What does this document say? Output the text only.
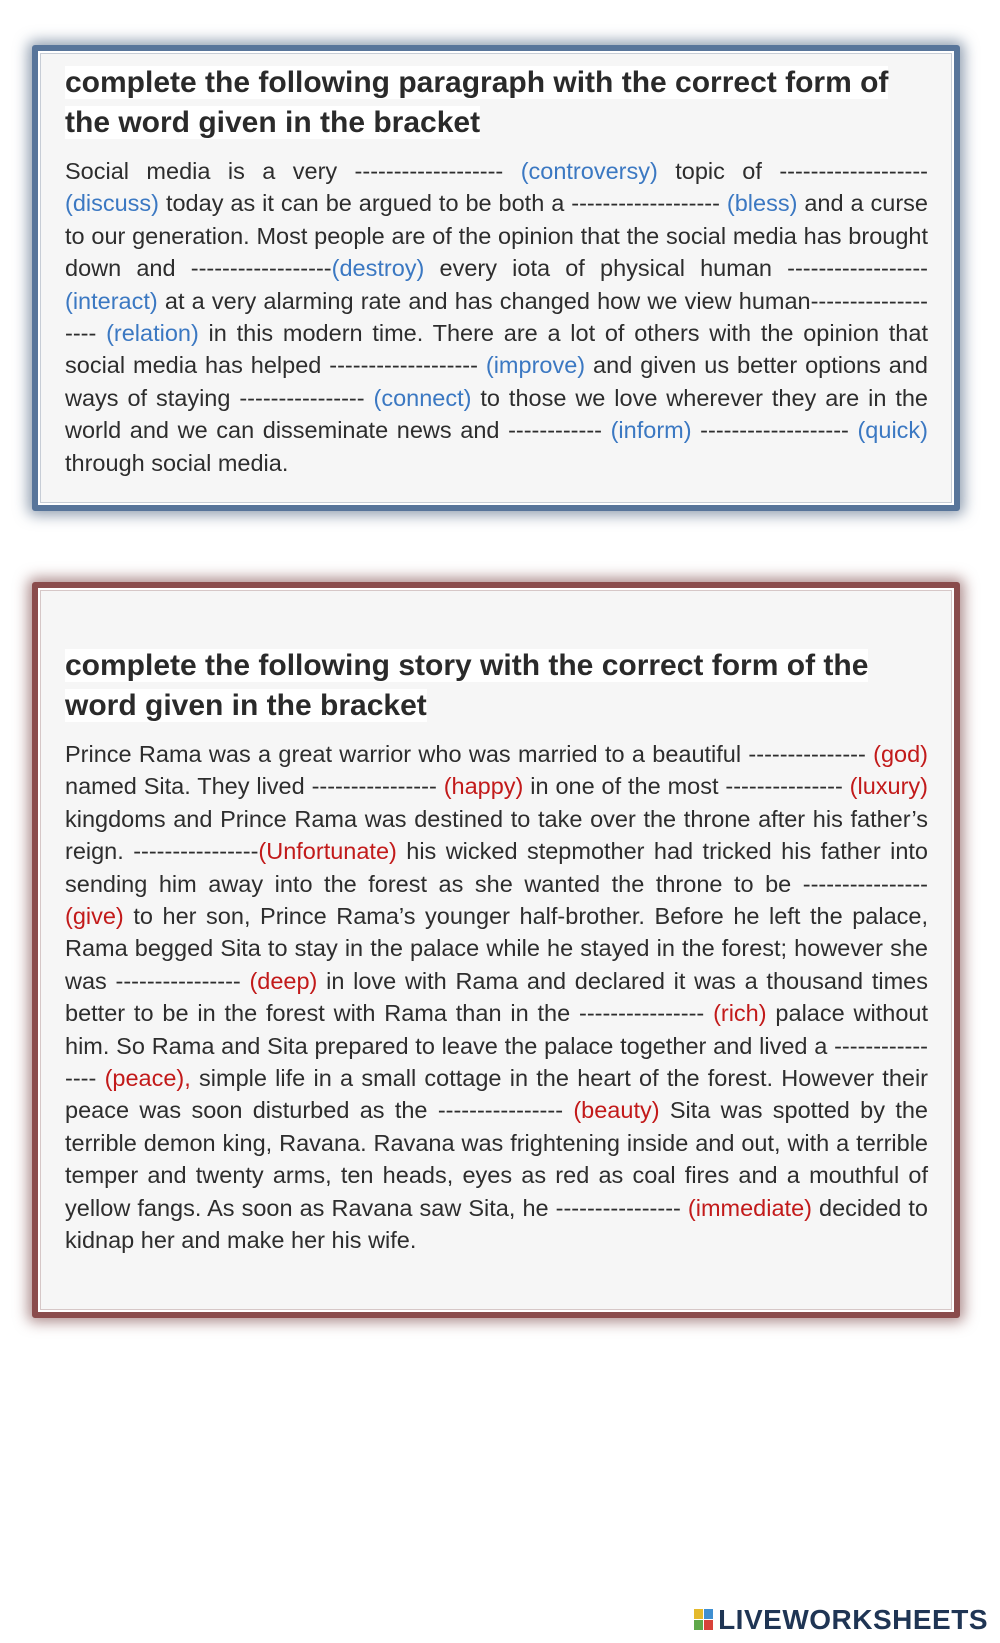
complete the following paragraph with the correct form of the word given in the bracket

Social media is a very ------------------- (controversy) topic of ------------------- (discuss) today as it can be argued to be both a ------------------- (bless) and a curse to our generation. Most people are of the opinion that the social media has brought down and ------------------(destroy) every iota of physical human ------------------ (interact) at a very alarming rate and has changed how we view human------------------- (relation) in this modern time. There are a lot of others with the opinion that social media has helped ------------------- (improve) and given us better options and ways of staying ---------------- (connect) to those we love wherever they are in the world and we can disseminate news and ------------ (inform) ------------------- (quick) through social media.

complete the following story with the correct form of the word given in the bracket

Prince Rama was a great warrior who was married to a beautiful --------------- (god) named Sita. They lived ---------------- (happy) in one of the most --------------- (luxury) kingdoms and Prince Rama was destined to take over the throne after his father’s reign. ----------------(Unfortunate) his wicked stepmother had tricked his father into sending him away into the forest as she wanted the throne to be ---------------- (give) to her son, Prince Rama’s younger half-brother. Before he left the palace, Rama begged Sita to stay in the palace while he stayed in the forest; however she was ---------------- (deep) in love with Rama and declared it was a thousand times better to be in the forest with Rama than in the ---------------- (rich) palace without him. So Rama and Sita prepared to leave the palace together and lived a ---------------- (peace), simple life in a small cottage in the heart of the forest. However their peace was soon disturbed as the ---------------- (beauty) Sita was spotted by the terrible demon king, Ravana. Ravana was frightening inside and out, with a terrible temper and twenty arms, ten heads, eyes as red as coal fires and a mouthful of yellow fangs. As soon as Ravana saw Sita, he ---------------- (immediate) decided to kidnap her and make her his wife.

LIVEWORKSHEETS
